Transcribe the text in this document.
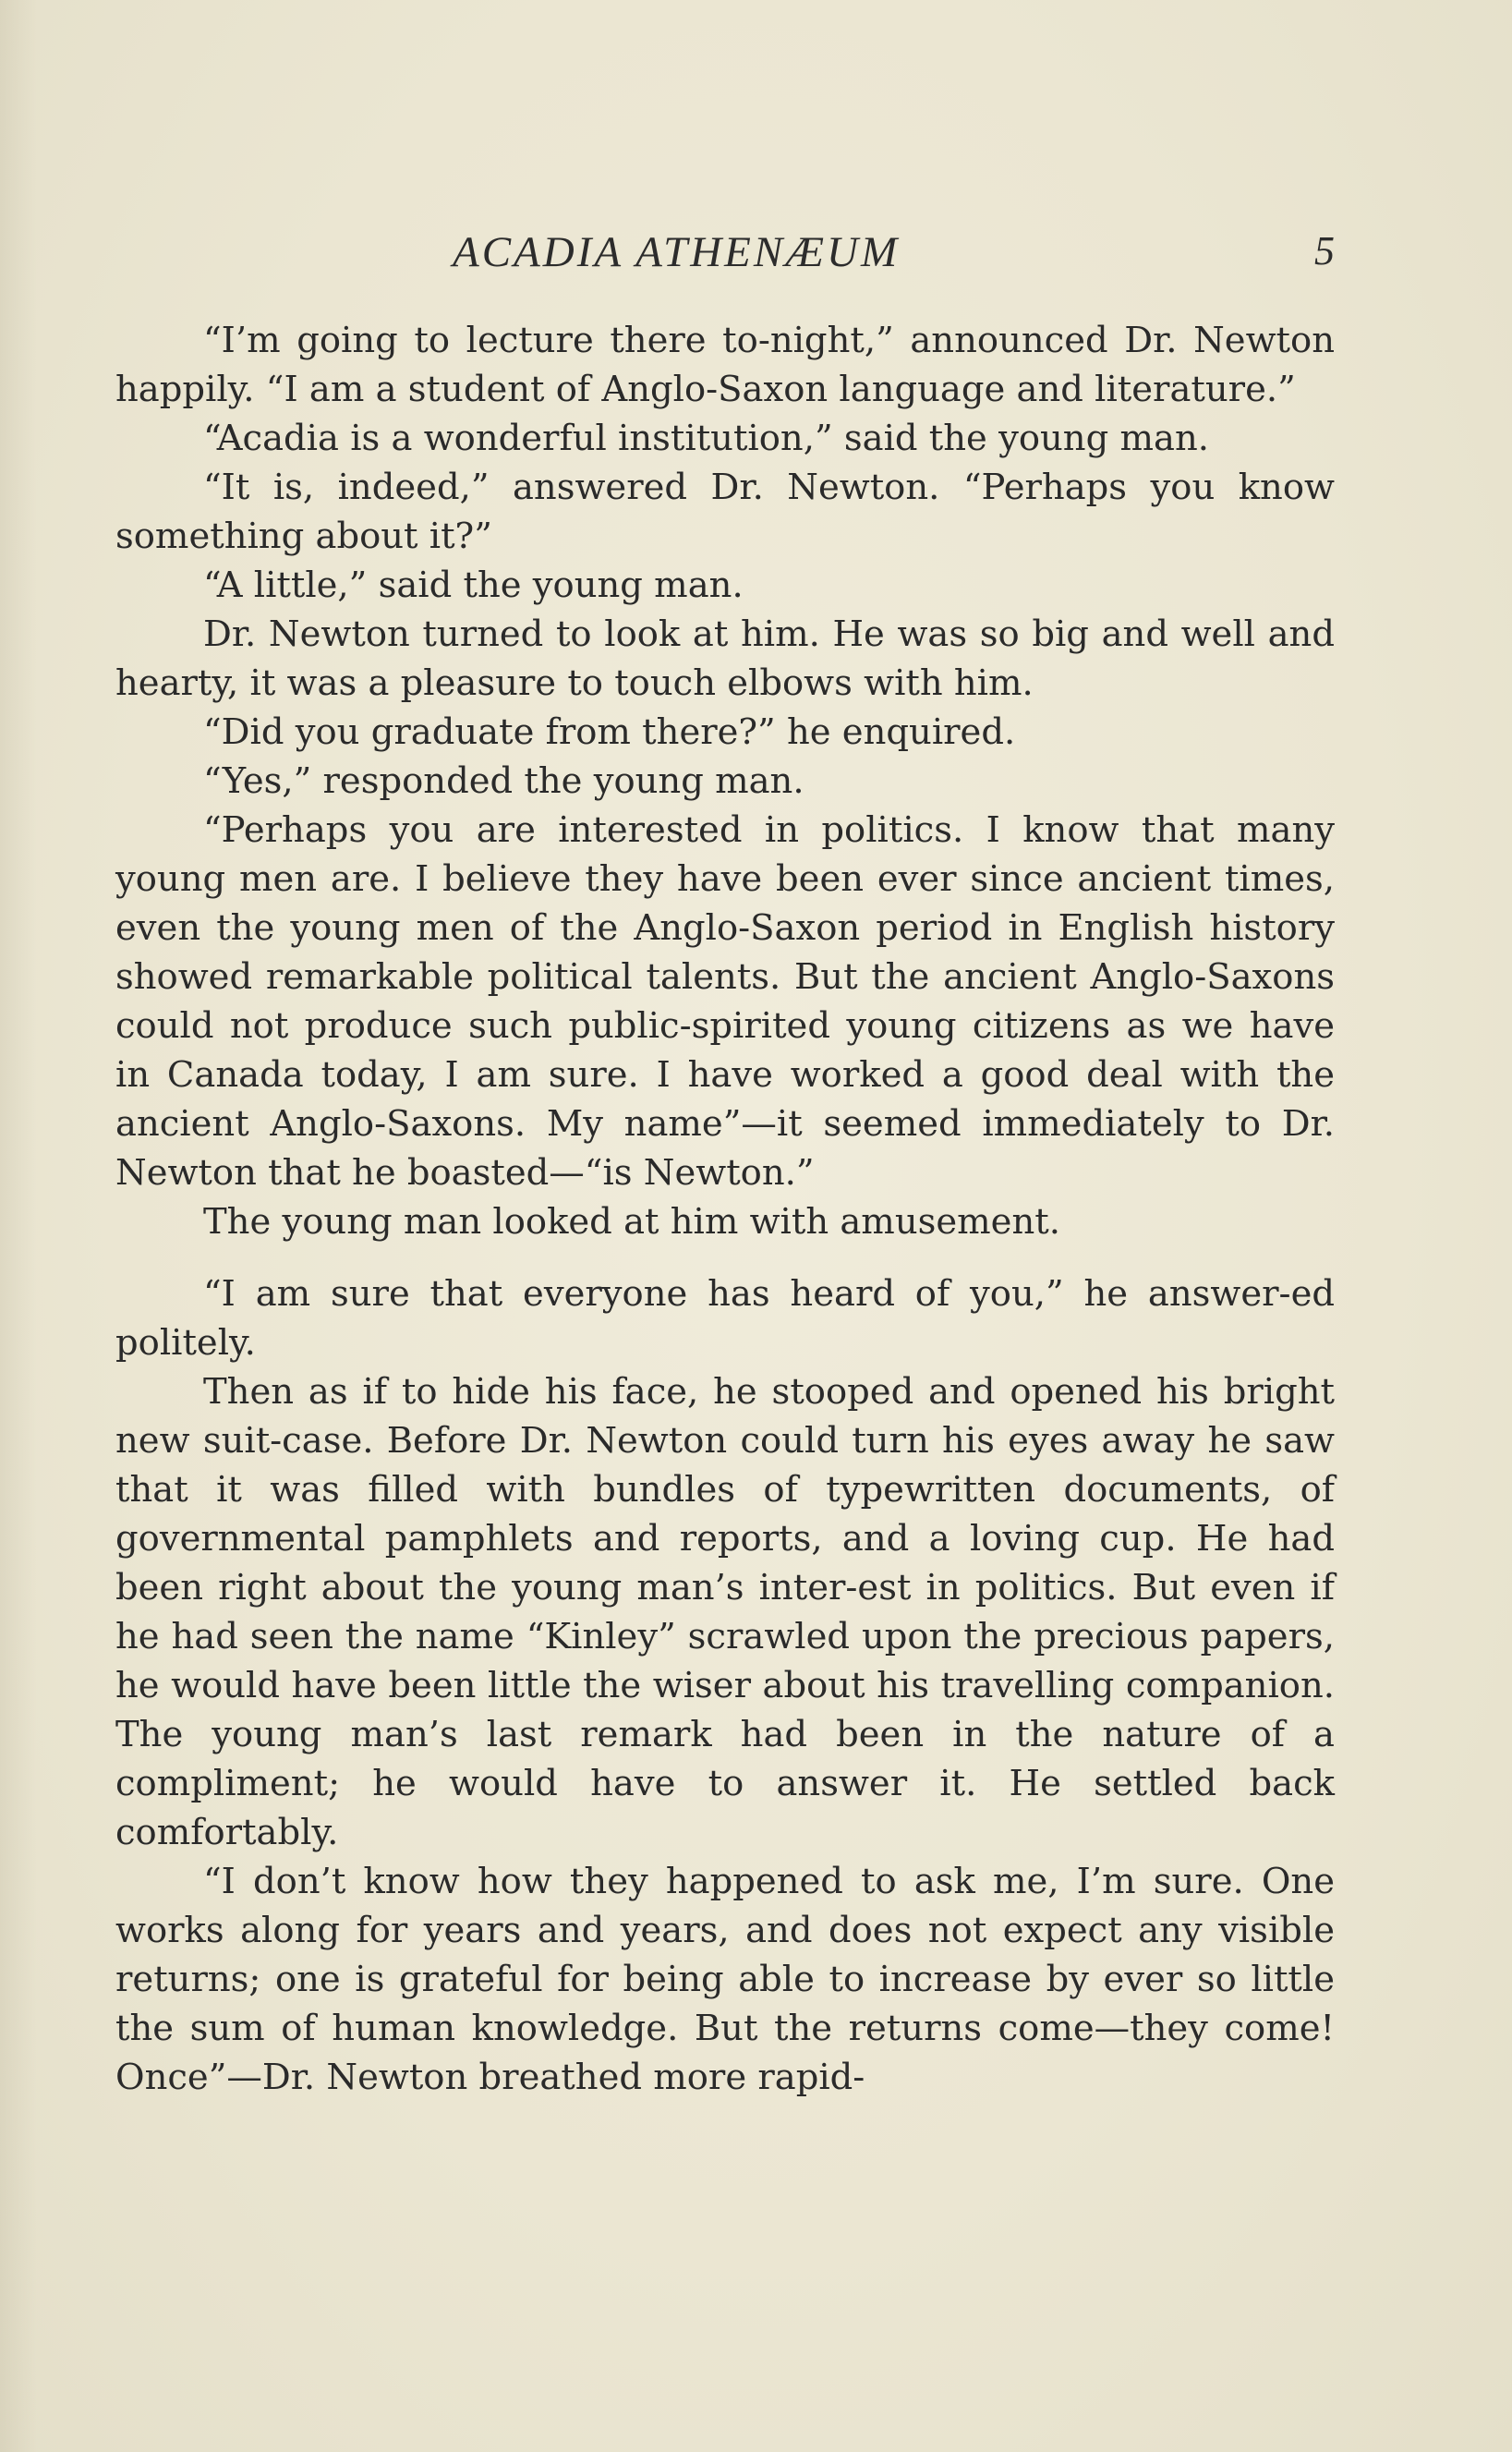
ACADIA ATHENÆUM	5

“I’m going to lecture there to-night,” announced Dr. Newton happily. “I am a student of Anglo-Saxon language and literature.”

“Acadia is a wonderful institution,” said the young man.

“It is, indeed,” answered Dr. Newton. “Perhaps you know something about it?”

“A little,” said the young man.

Dr. Newton turned to look at him. He was so big and well and hearty, it was a pleasure to touch elbows with him.

“Did you graduate from there?” he enquired.

“Yes,” responded the young man.

“Perhaps you are interested in politics. I know that many young men are. I believe they have been ever since ancient times, even the young men of the Anglo-Saxon period in English history showed remarkable political talents. But the ancient Anglo-Saxons could not produce such public-spirited young citizens as we have in Canada today, I am sure. I have worked a good deal with the ancient Anglo-Saxons. My name”—it seemed immediately to Dr. Newton that he boasted—“is Newton.”

The young man looked at him with amusement.

“I am sure that everyone has heard of you,” he answer-ed politely.

Then as if to hide his face, he stooped and opened his bright new suit-case. Before Dr. Newton could turn his eyes away he saw that it was filled with bundles of typewritten documents, of governmental pamphlets and reports, and a loving cup. He had been right about the young man’s inter-est in politics. But even if he had seen the name “Kinley” scrawled upon the precious papers, he would have been little the wiser about his travelling companion. The young man’s last remark had been in the nature of a compliment; he would have to answer it. He settled back comfortably.

“I don’t know how they happened to ask me, I’m sure. One works along for years and years, and does not expect any visible returns; one is grateful for being able to increase by ever so little the sum of human knowledge. But the returns come—they come! Once”—Dr. Newton breathed more rapid-
